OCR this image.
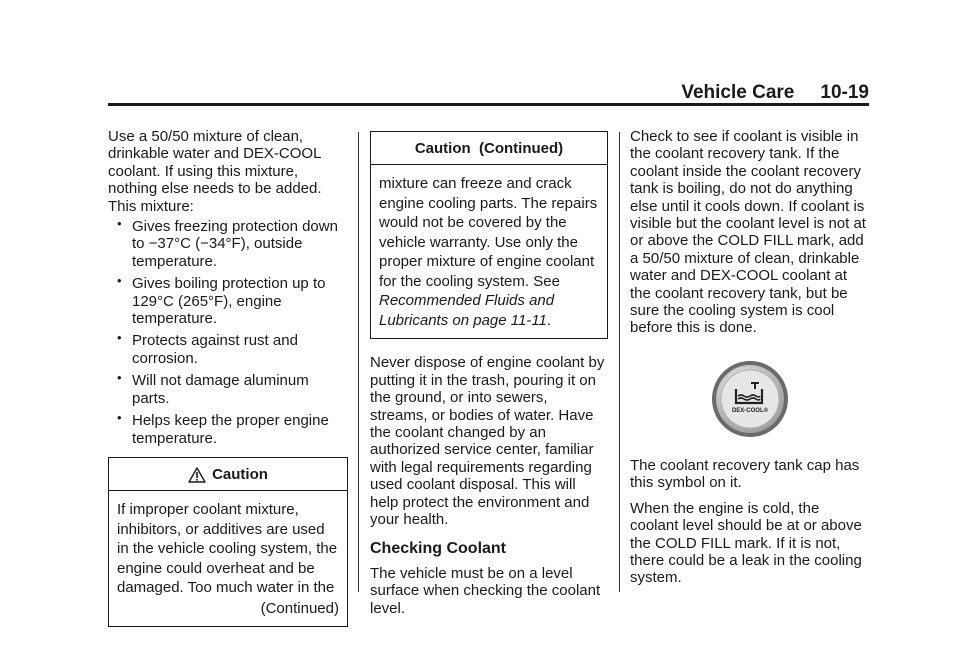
Vehicle Care 10-19

Use a 50/50 mixture of clean, drinkable water and DEX-COOL coolant. If using this mixture, nothing else needs to be added. This mixture:

• Gives freezing protection down to −37°C (−34°F), outside temperature.
• Gives boiling protection up to 129°C (265°F), engine temperature.
• Protects against rust and corrosion.
• Will not damage aluminum parts.
• Helps keep the proper engine temperature.
Caution

If improper coolant mixture, inhibitors, or additives are used in the vehicle cooling system, the engine could overheat and be damaged. Too much water in the

(Continued)

Caution  (Continued)
mixture can freeze and crack engine cooling parts. The repairs would not be covered by the vehicle warranty. Use only the proper mixture of engine coolant for the cooling system. See Recommended Fluids and Lubricants on page 11-11.

Never dispose of engine coolant by putting it in the trash, pouring it on the ground, or into sewers, streams, or bodies of water. Have the coolant changed by an authorized service center, familiar with legal requirements regarding used coolant disposal. This will help protect the environment and your health.

Checking Coolant

The vehicle must be on a level surface when checking the coolant level.

Check to see if coolant is visible in the coolant recovery tank. If the coolant inside the coolant recovery tank is boiling, do not do anything else until it cools down. If coolant is visible but the coolant level is not at or above the COLD FILL mark, add a 50/50 mixture of clean, drinkable water and DEX-COOL coolant at the coolant recovery tank, but be sure the cooling system is cool before this is done.

DEX-COOL®

The coolant recovery tank cap has this symbol on it.

When the engine is cold, the coolant level should be at or above the COLD FILL mark. If it is not, there could be a leak in the cooling system.
